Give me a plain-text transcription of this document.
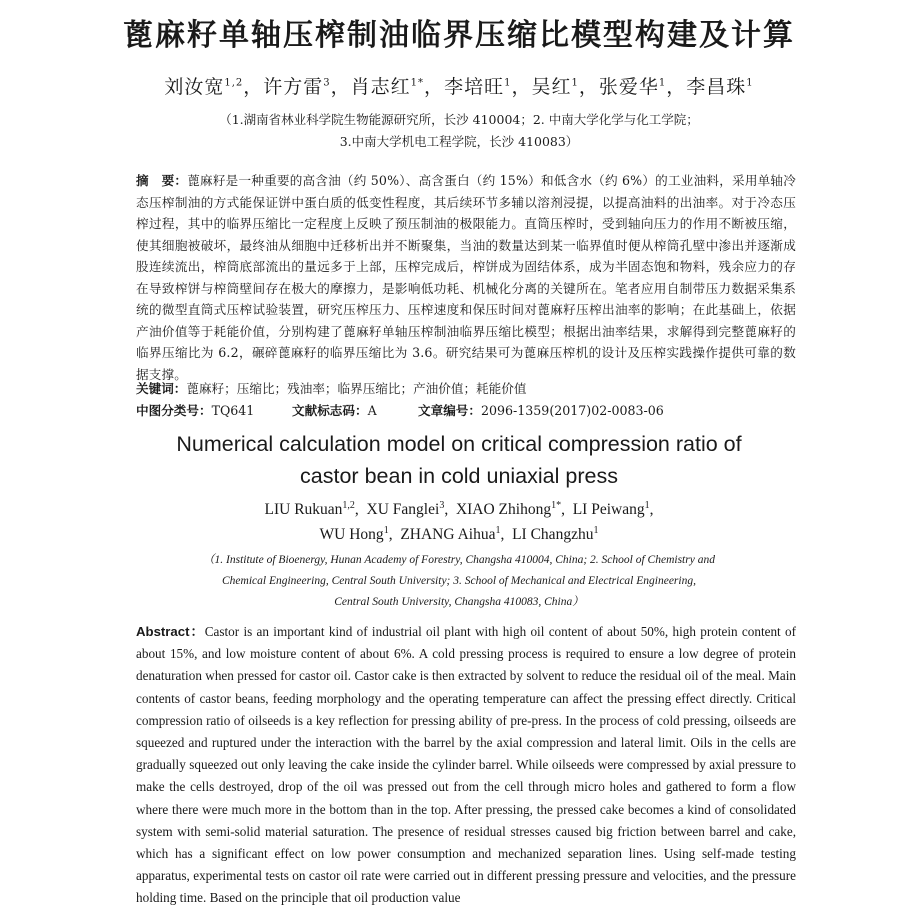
蓖麻籽单轴压榨制油临界压缩比模型构建及计算
刘汝宽$^{1,2}$，许方雷$^3$，肖志红$^{1*}$，李培旺$^1$，吴红$^1$，张爱华$^1$，李昌珠$^1$
（1.湖南省林业科学院生物能源研究所，长沙 410004；2. 中南大学化学与化工学院；
3.中南大学机电工程学院，长沙 410083）
摘　要：蓖麻籽是一种重要的高含油（约 50%）、高含蛋白（约 15%）和低含水（约 6%）的工业油料，采用单轴冷态压榨制油的方式能保证饼中蛋白质的低变性程度，其后续环节多辅以溶剂浸提，以提高油料的出油率。对于冷态压榨过程，其中的临界压缩比一定程度上反映了预压制油的极限能力。直筒压榨时，受到轴向压力的作用不断被压缩，使其细胞被破坏，最终油从细胞中迁移析出并不断聚集，当油的数量达到某一临界值时便从榨筒孔壁中渗出并逐渐成股连续流出，榨筒底部流出的量远多于上部，压榨完成后，榨饼成为固结体系，成为半固态饱和物料，残余应力的存在导致榨饼与榨筒壁间存在极大的摩擦力，是影响低功耗、机械化分离的关键所在。笔者应用自制带压力数据采集系统的微型直筒式压榨试验装置，研究压榨压力、压榨速度和保压时间对蓖麻籽压榨出油率的影响；在此基础上，依据产油价值等于耗能价值，分别构建了蓖麻籽单轴压榨制油临界压缩比模型；根据出油率结果，求解得到完整蓖麻籽的临界压缩比为 6.2，碾碎蓖麻籽的临界压缩比为 3.6。研究结果可为蓖麻压榨机的设计及压榨实践操作提供可靠的数据支撑。
关键词：蓖麻籽；压缩比；残油率；临界压缩比；产油价值；耗能价值
中图分类号：TQ641	文献标志码：A	文章编号：2096-1359(2017)02-0083-06

Numerical calculation model on critical compression ratio of
castor bean in cold uniaxial press
LIU Rukuan$^{1,2}$,  XU Fanglei$^3$,  XIAO Zhihong$^{1*}$,  LI Peiwang$^1$,
WU Hong$^1$,  ZHANG Aihua$^1$,  LI Changzhu$^1$
（1. Institute of Bioenergy, Hunan Academy of Forestry, Changsha 410004, China; 2. School of Chemistry and
Chemical Engineering, Central South University; 3. School of Mechanical and Electrical Engineering,
Central South University, Changsha 410083, China）
Abstract：Castor is an important kind of industrial oil plant with high oil content of about 50%, high protein content of about 15%, and low moisture content of about 6%. A cold pressing process is required to ensure a low degree of protein denaturation when pressed for castor oil. Castor cake is then extracted by solvent to reduce the residual oil of the meal. Main contents of castor beans, feeding morphology and the operating temperature can affect the pressing effect directly. Critical compression ratio of oilseeds is a key reflection for pressing ability of pre-press. In the process of cold pressing, oilseeds are squeezed and ruptured under the interaction with the barrel by the axial compression and lateral limit. Oils in the cells are gradually squeezed out only leaving the cake inside the cylinder barrel. While oilseeds were compressed by axial pressure to make the cells destroyed, drop of the oil was pressed out from the cell through micro holes and gathered to form a flow where there were much more in the bottom than in the top. After pressing, the pressed cake becomes a kind of consolidated system with semi-solid material saturation. The presence of residual stresses caused big friction between barrel and cake, which has a significant effect on low power consumption and mechanized separation lines. Using self-made testing apparatus, experimental tests on castor oil rate were carried out in different pressing pressure and velocities, and the pressure holding time. Based on the principle that oil production value
